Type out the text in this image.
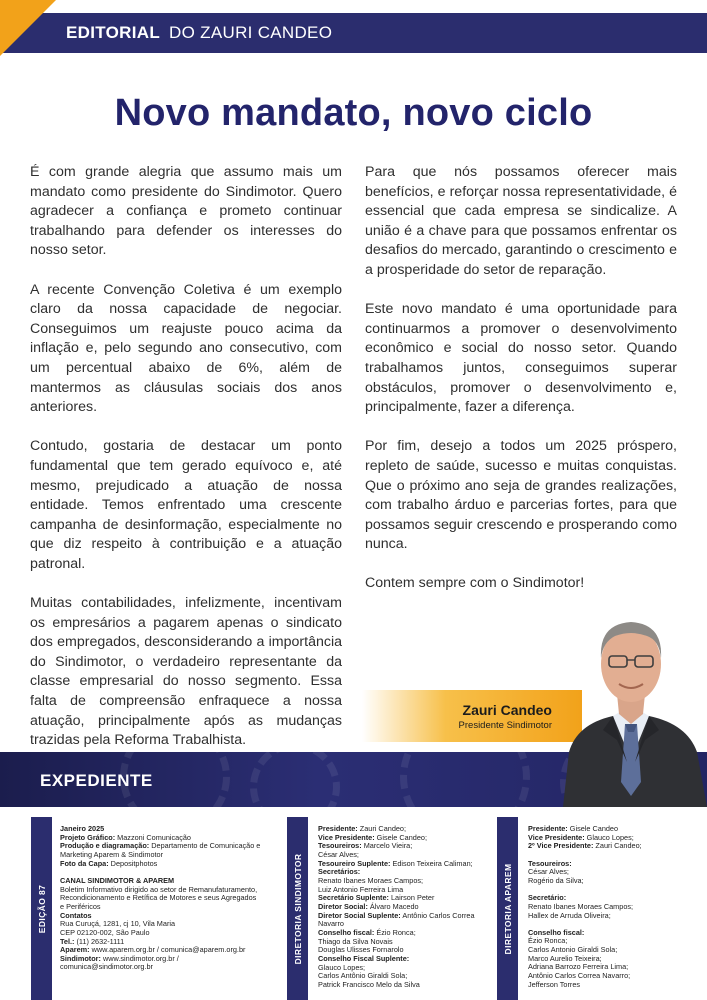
EDITORIAL DO ZAURI CANDEO
Novo mandato, novo ciclo

É com grande alegria que assumo mais um mandato como presidente do Sindimotor. Quero agradecer a confiança e prometo continuar trabalhando para defender os interesses do nosso setor.

A recente Convenção Coletiva é um exemplo claro da nossa capacidade de negociar. Conseguimos um reajuste pouco acima da inflação e, pelo segundo ano consecutivo, com um percentual abaixo de 6%, além de mantermos as cláusulas sociais dos anos anteriores.

Contudo, gostaria de destacar um ponto fundamental que tem gerado equívoco e, até mesmo, prejudicado a atuação de nossa entidade. Temos enfrentado uma crescente campanha de desinformação, especialmente no que diz respeito à contribuição e a atuação patronal.

Muitas contabilidades, infelizmente, incentivam os empresários a pagarem apenas o sindicato dos empregados, desconsiderando a importância do Sindimotor, o verdadeiro representante da classe empresarial do nosso segmento. Essa falta de compreensão enfraquece a nossa atuação, principalmente após as mudanças trazidas pela Reforma Trabalhista.

Para que nós possamos oferecer mais benefícios, e reforçar nossa representatividade, é essencial que cada empresa se sindicalize. A união é a chave para que possamos enfrentar os desafios do mercado, garantindo o crescimento e a prosperidade do setor de reparação.

Este novo mandato é uma oportunidade para continuarmos a promover o desenvolvimento econômico e social do nosso setor. Quando trabalhamos juntos, conseguimos superar obstáculos, promover o desenvolvimento e, principalmente, fazer a diferença.

Por fim, desejo a todos um 2025 próspero, repleto de saúde, sucesso e muitas conquistas. Que o próximo ano seja de grandes realizações, com trabalho árduo e parcerias fortes, para que possamos seguir crescendo e prosperando como nunca.

Contem sempre com o Sindimotor!

Zauri Candeo
Presidente Sindimotor
EXPEDIENTE
EDIÇÃO 87
Janeiro 2025
Projeto Gráfico: Mazzoni Comunicação
Produção e diagramação: Departamento de Comunicação e
Marketing Aparem & Sindimotor
Foto da Capa: Depositphotos
CANAL SINDIMOTOR & APAREM
Boletim Informativo dirigido ao setor de Remanufaturamento,
Recondicionamento e Retífica de Motores e seus Agregados
e Periféricos
Contatos
Rua Curuçá, 1281, cj 10, Vila Maria
CEP 02120-002, São Paulo
Tel.: (11) 2632-1111
Aparem: www.aparem.org.br / comunica@aparem.org.br
Sindimotor: www.sindimotor.org.br /
comunica@sindimotor.org.br
DIRETORIA SINDIMOTOR
Presidente: Zauri Candeo;
Vice Presidente: Gisele Candeo;
Tesoureiros: Marcelo Vieira;
César Alves;
Tesoureiro Suplente: Edison Teixeira Caliman;
Secretários:
Renato Ibanes Moraes Campos;
Luiz Antonio Ferreira Lima
Secretário Suplente: Lairson Peter
Diretor Social: Álvaro Macedo
Diretor Social Suplente: Antônio Carlos Correa
Navarro
Conselho fiscal: Ézio Ronca;
Thiago da Silva Novais
Douglas Ulisses Fornarolo
Conselho Fiscal Suplente:
Glauco Lopes;
Carlos Antônio Giraldi Sola;
Patrick Francisco Melo da Silva
DIRETORIA APAREM
Presidente: Gisele Candeo
Vice Presidente: Glauco Lopes;
2º Vice Presidente: Zauri Candeo;
Tesoureiros:
César Alves;
Rogério da Silva;
Secretário:
Renato Ibanes Moraes Campos;
Hallex de Arruda Oliveira;
Conselho fiscal:
Ézio Ronca;
Carlos Antonio Giraldi Sola;
Marco Aurelio Teixeira;
Adriana Barrozo Ferreira Lima;
Antônio Carlos Correa Navarro;
Jefferson Torres
